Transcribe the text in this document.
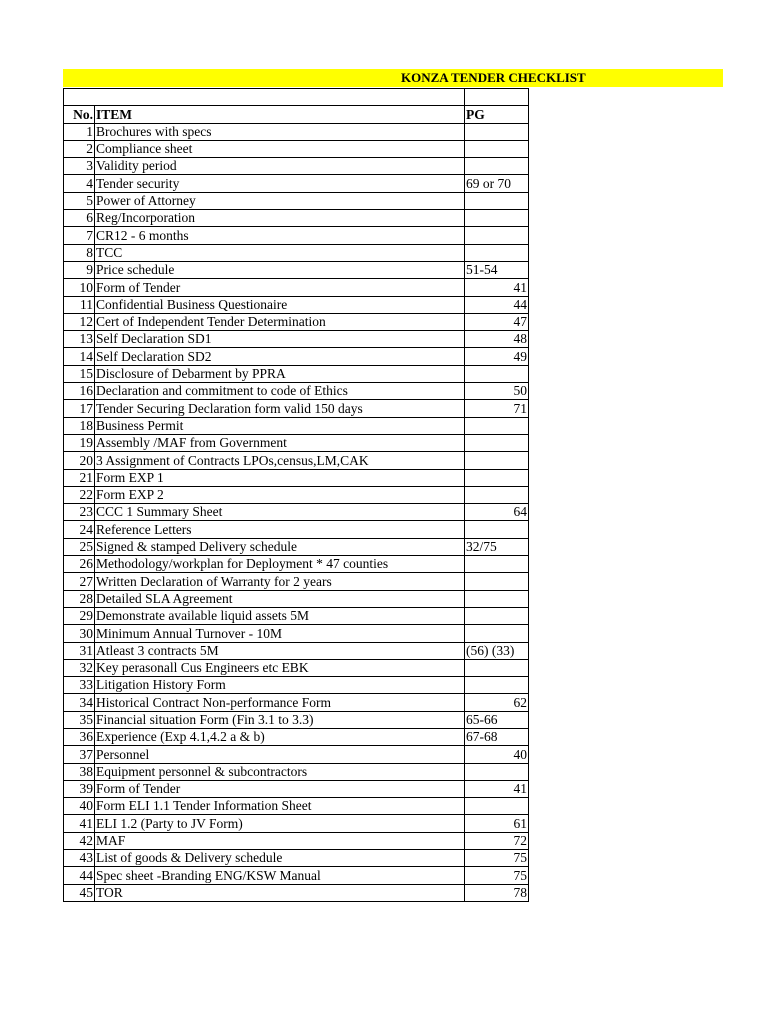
KONZA TENDER CHECKLIST

No.	ITEM	PG
1	Brochures with specs	
2	Compliance sheet	
3	Validity period	
4	Tender security	69 or 70
5	Power of Attorney	
6	Reg/Incorporation	
7	CR12 - 6 months	
8	TCC	
9	Price schedule	51-54
10	Form of Tender	41
11	Confidential Business Questionaire	44
12	Cert of Independent Tender Determination	47
13	Self Declaration SD1	48
14	Self Declaration SD2	49
15	Disclosure of Debarment by PPRA	
16	Declaration and commitment to code of Ethics	50
17	Tender Securing Declaration form valid 150 days	71
18	Business Permit	
19	Assembly /MAF from Government	
20	3 Assignment of Contracts LPOs,census,LM,CAK	
21	Form EXP 1	
22	Form EXP 2	
23	CCC 1 Summary Sheet	64
24	Reference Letters	
25	Signed & stamped Delivery schedule	32/75
26	Methodology/workplan for Deployment * 47 counties	
27	Written Declaration of Warranty for 2 years	
28	Detailed SLA Agreement	
29	Demonstrate available liquid assets 5M	
30	Minimum Annual Turnover - 10M	
31	Atleast 3 contracts 5M	(56) (33)
32	Key perasonall Cus Engineers etc EBK	
33	Litigation History Form	
34	Historical Contract Non-performance Form	62
35	Financial situation Form (Fin 3.1 to 3.3)	65-66
36	Experience (Exp 4.1,4.2 a & b)	67-68
37	Personnel	40
38	Equipment personnel & subcontractors	
39	Form of Tender	41
40	Form ELI 1.1 Tender Information Sheet	
41	ELI 1.2 (Party to JV Form)	61
42	MAF	72
43	List of goods & Delivery schedule	75
44	Spec sheet -Branding ENG/KSW Manual	75
45	TOR	78
